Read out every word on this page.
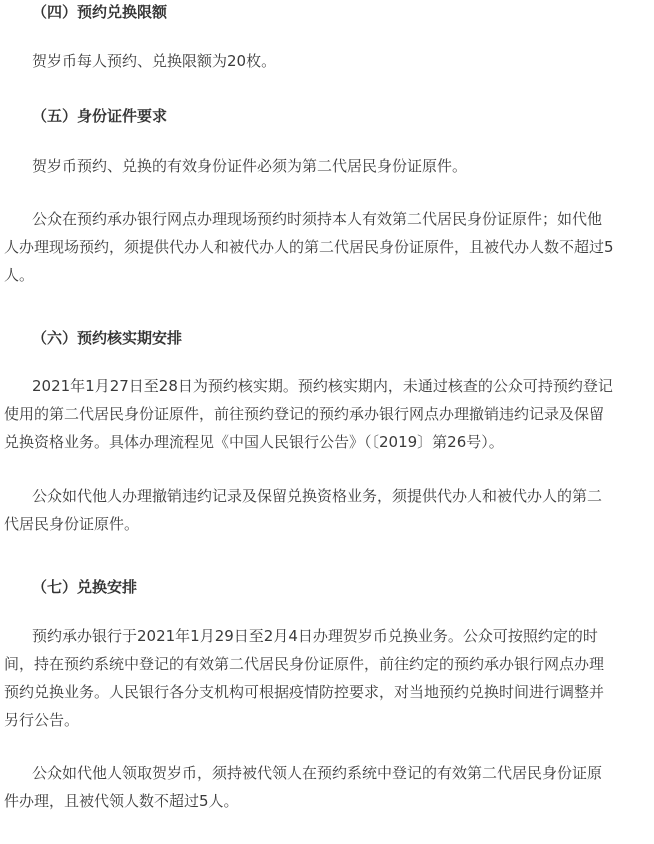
（四）预约兑换限额
贺岁币每人预约、兑换限额为20枚。
（五）身份证件要求
贺岁币预约、兑换的有效身份证件必须为第二代居民身份证原件。
公众在预约承办银行网点办理现场预约时须持本人有效第二代居民身份证原件；如代他
人办理现场预约，须提供代办人和被代办人的第二代居民身份证原件，且被代办人数不超过5
人。
（六）预约核实期安排
2021年1月27日至28日为预约核实期。预约核实期内，未通过核查的公众可持预约登记
使用的第二代居民身份证原件，前往预约登记的预约承办银行网点办理撤销违约记录及保留
兑换资格业务。具体办理流程见《中国人民银行公告》（〔2019〕第26号）。
公众如代他人办理撤销违约记录及保留兑换资格业务，须提供代办人和被代办人的第二
代居民身份证原件。
（七）兑换安排
预约承办银行于2021年1月29日至2月4日办理贺岁币兑换业务。公众可按照约定的时
间，持在预约系统中登记的有效第二代居民身份证原件，前往约定的预约承办银行网点办理
预约兑换业务。人民银行各分支机构可根据疫情防控要求，对当地预约兑换时间进行调整并
另行公告。
公众如代他人领取贺岁币，须持被代领人在预约系统中登记的有效第二代居民身份证原
件办理，且被代领人数不超过5人。
